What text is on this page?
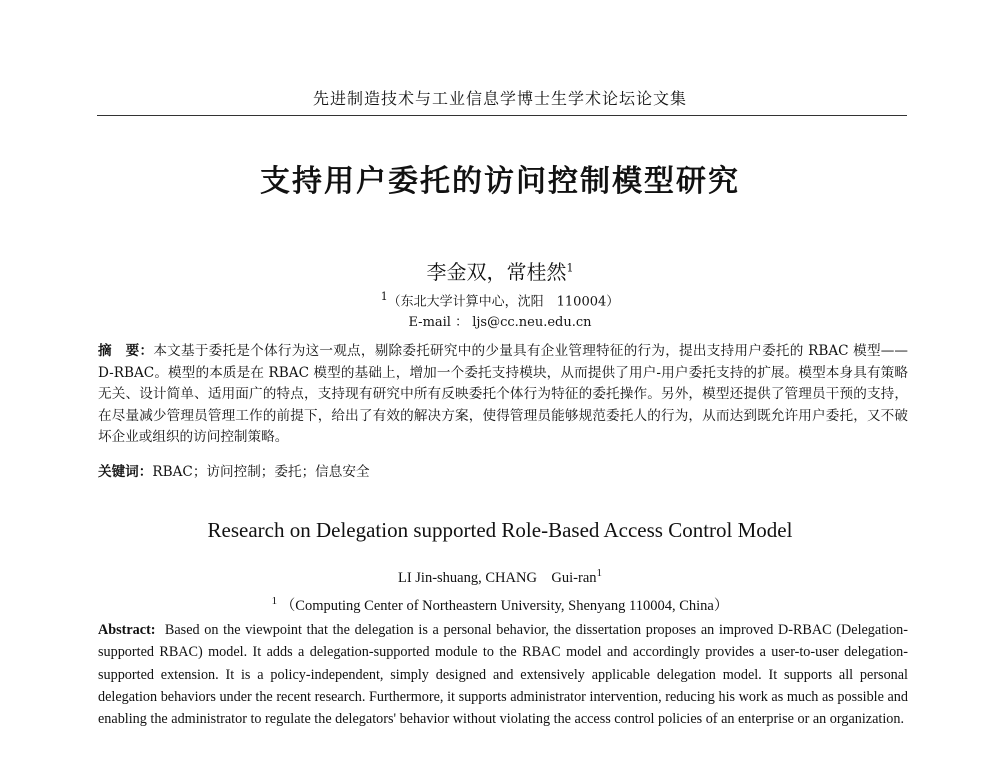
先进制造技术与工业信息学博士生学术论坛论文集
支持用户委托的访问控制模型研究
李金双，常桂然$^1$
$^1$（东北大学计算中心，沈阳　110004）
E-mail ： ljs@cc.neu.edu.cn
摘　要：本文基于委托是个体行为这一观点，剔除委托研究中的少量具有企业管理特征的行为，提出支持用户委托的 RBAC 模型——D-RBAC。模型的本质是在 RBAC 模型的基础上，增加一个委托支持模块，从而提供了用户-用户委托支持的扩展。模型本身具有策略无关、设计简单、适用面广的特点，支持现有研究中所有反映委托个体行为特征的委托操作。另外，模型还提供了管理员干预的支持，在尽量减少管理员管理工作的前提下，给出了有效的解决方案，使得管理员能够规范委托人的行为，从而达到既允许用户委托，又不破坏企业或组织的访问控制策略。
关键词：RBAC；访问控制；委托；信息安全
Research on Delegation supported Role-Based Access Control Model
LI Jin-shuang, CHANG　Gui-ran$^1$
$^1$ （Computing Center of Northeastern University, Shenyang 110004, China）
Abstract: Based on the viewpoint that the delegation is a personal behavior, the dissertation proposes an improved D-RBAC (Delegation-supported RBAC) model. It adds a delegation-supported module to the RBAC model and accordingly provides a user-to-user delegation-supported extension. It is a policy-independent, simply designed and extensively applicable delegation model. It supports all personal delegation behaviors under the recent research. Furthermore, it supports administrator intervention, reducing his work as much as possible and enabling the administrator to regulate the delegators' behavior without violating the access control policies of an enterprise or an organization.
